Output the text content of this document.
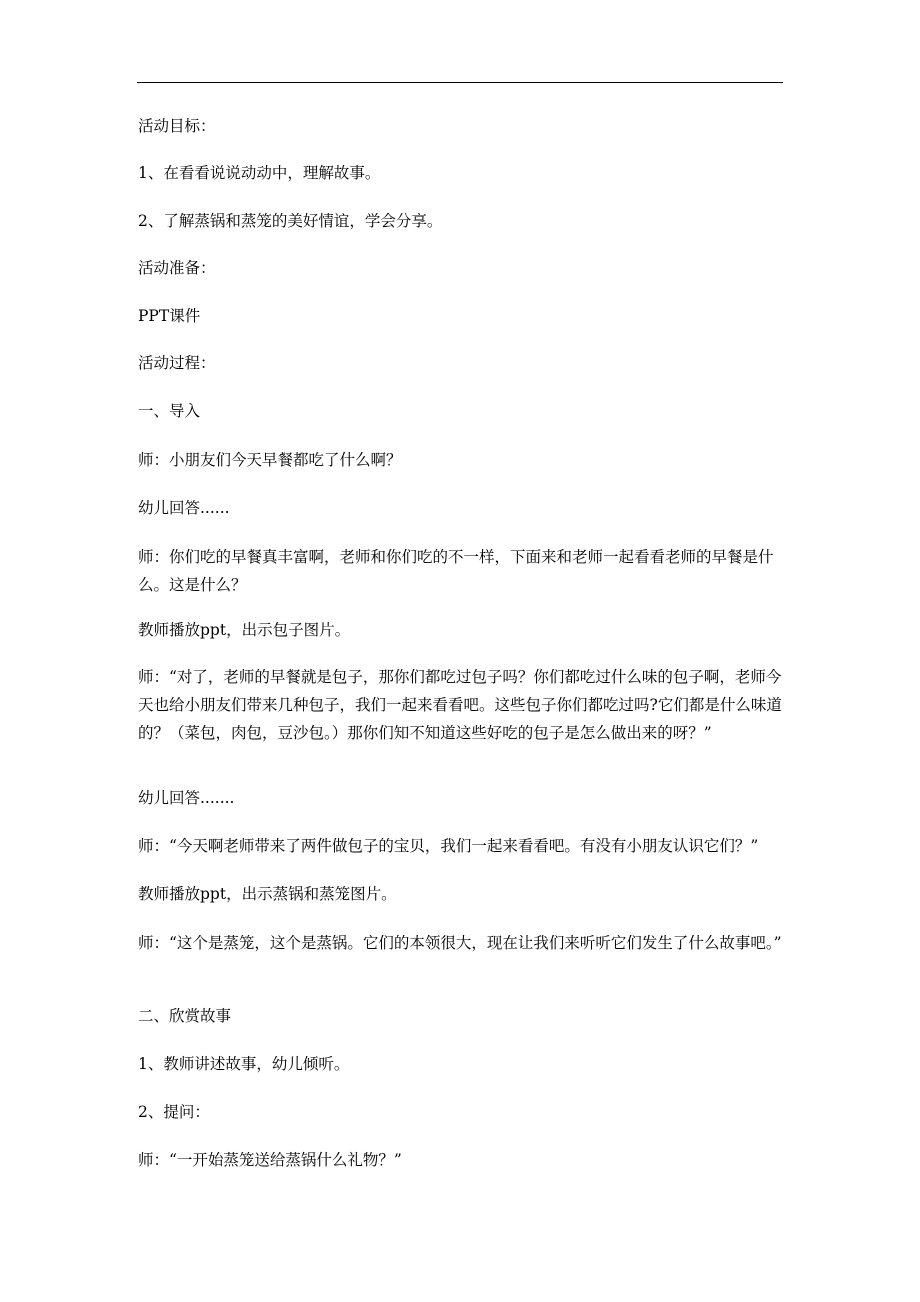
活动目标：

1、在看看说说动动中，理解故事。

2、了解蒸锅和蒸笼的美好情谊，学会分享。

活动准备：

PPT课件

活动过程：

一、导入

师：小朋友们今天早餐都吃了什么啊？

幼儿回答......

师：你们吃的早餐真丰富啊，老师和你们吃的不一样，下面来和老师一起看看老师的早餐是什么。这是什么？

教师播放ppt，出示包子图片。

师：“对了，老师的早餐就是包子，那你们都吃过包子吗？你们都吃过什么味的包子啊，老师今天也给小朋友们带来几种包子，我们一起来看看吧。这些包子你们都吃过吗?它们都是什么味道的？（菜包，肉包，豆沙包。）那你们知不知道这些好吃的包子是怎么做出来的呀？”

幼儿回答.......

师：“今天啊老师带来了两件做包子的宝贝，我们一起来看看吧。有没有小朋友认识它们？”

教师播放ppt，出示蒸锅和蒸笼图片。

师：“这个是蒸笼，这个是蒸锅。它们的本领很大，现在让我们来听听它们发生了什么故事吧。”

二、欣赏故事

1、教师讲述故事，幼儿倾听。

2、提问：

师：“一开始蒸笼送给蒸锅什么礼物？”
